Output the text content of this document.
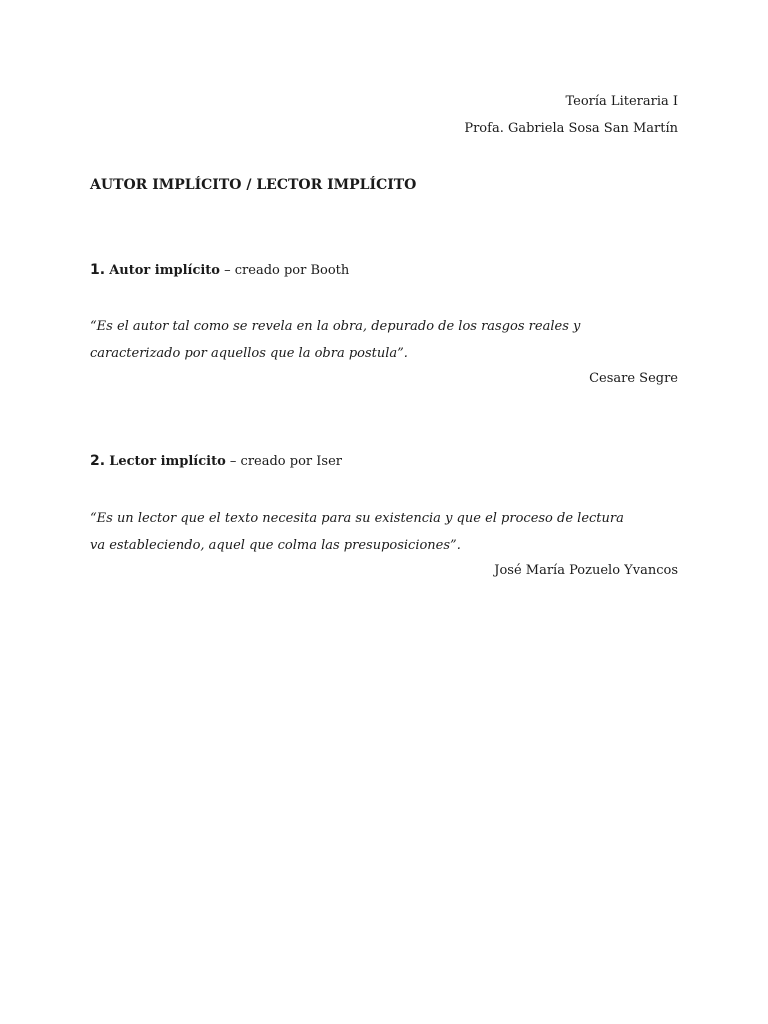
Teoría Literaria I
Profa. Gabriela Sosa San Martín
AUTOR IMPLÍCITO / LECTOR IMPLÍCITO

1. Autor implícito – creado por Booth

“Es el autor tal como se revela en la obra, depurado de los rasgos reales y
caracterizado por aquellos que la obra postula”.

Cesare Segre

2. Lector implícito – creado por Iser

“Es un lector que el texto necesita para su existencia y que el proceso de lectura
va estableciendo, aquel que colma las presuposiciones”.

José María Pozuelo Yvancos
